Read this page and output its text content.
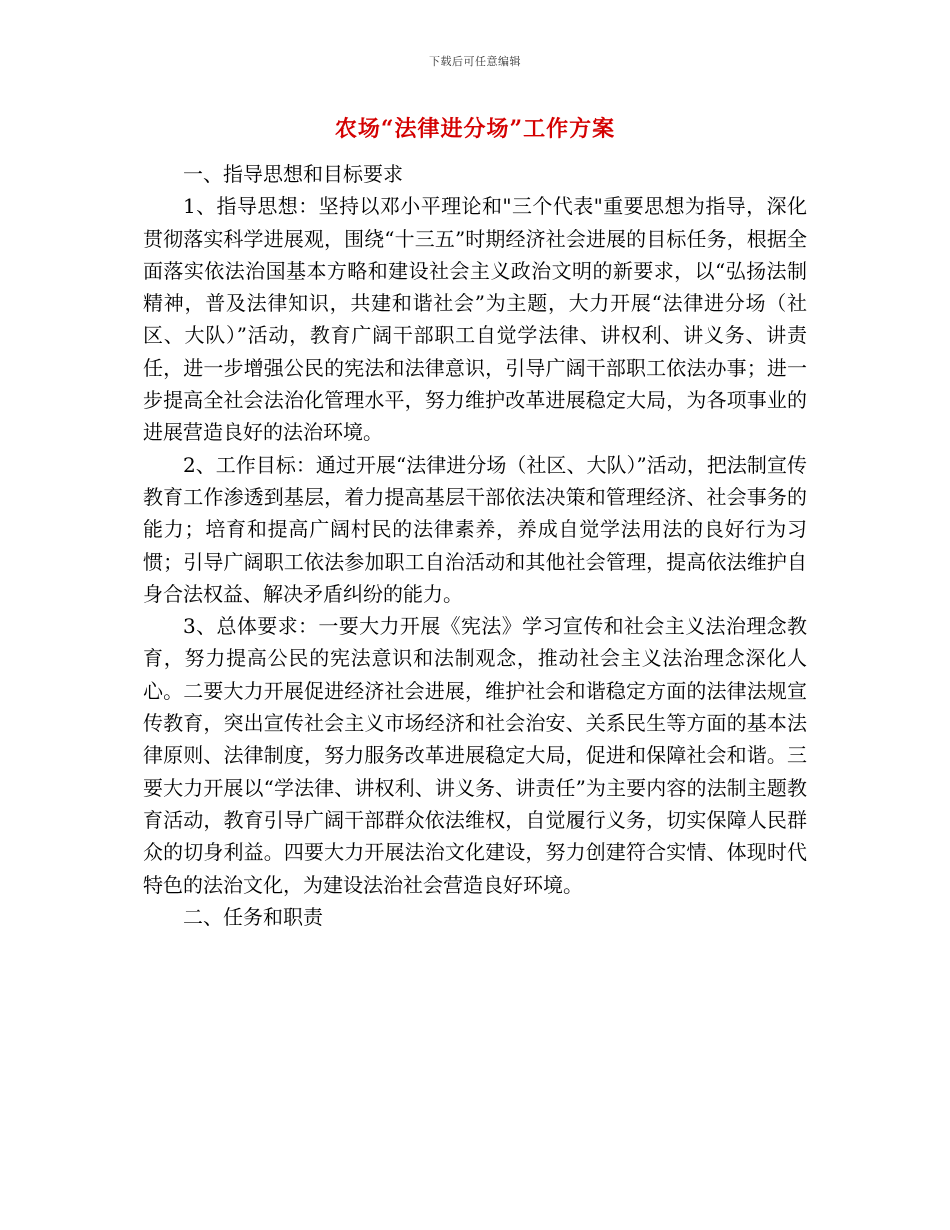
下载后可任意编辑
农场“法律进分场”工作方案

一、指导思想和目标要求

1、指导思想：坚持以邓小平理论和"三个代表"重要思想为指导，深化贯彻落实科学进展观，围绕“十三五”时期经济社会进展的目标任务，根据全面落实依法治国基本方略和建设社会主义政治文明的新要求，以“弘扬法制精神，普及法律知识，共建和谐社会”为主题，大力开展“法律进分场（社区、大队）”活动，教育广阔干部职工自觉学法律、讲权利、讲义务、讲责任，进一步增强公民的宪法和法律意识，引导广阔干部职工依法办事；进一步提高全社会法治化管理水平，努力维护改革进展稳定大局，为各项事业的进展营造良好的法治环境。

2、工作目标：通过开展“法律进分场（社区、大队）”活动，把法制宣传教育工作渗透到基层，着力提高基层干部依法决策和管理经济、社会事务的能力；培育和提高广阔村民的法律素养，养成自觉学法用法的良好行为习惯；引导广阔职工依法参加职工自治活动和其他社会管理，提高依法维护自身合法权益、解决矛盾纠纷的能力。

3、总体要求：一要大力开展《宪法》学习宣传和社会主义法治理念教育，努力提高公民的宪法意识和法制观念，推动社会主义法治理念深化人心。二要大力开展促进经济社会进展，维护社会和谐稳定方面的法律法规宣传教育，突出宣传社会主义市场经济和社会治安、关系民生等方面的基本法律原则、法律制度，努力服务改革进展稳定大局，促进和保障社会和谐。三要大力开展以“学法律、讲权利、讲义务、讲责任”为主要内容的法制主题教育活动，教育引导广阔干部群众依法维权，自觉履行义务，切实保障人民群众的切身利益。四要大力开展法治文化建设，努力创建符合实情、体现时代特色的法治文化，为建设法治社会营造良好环境。

二、任务和职责
